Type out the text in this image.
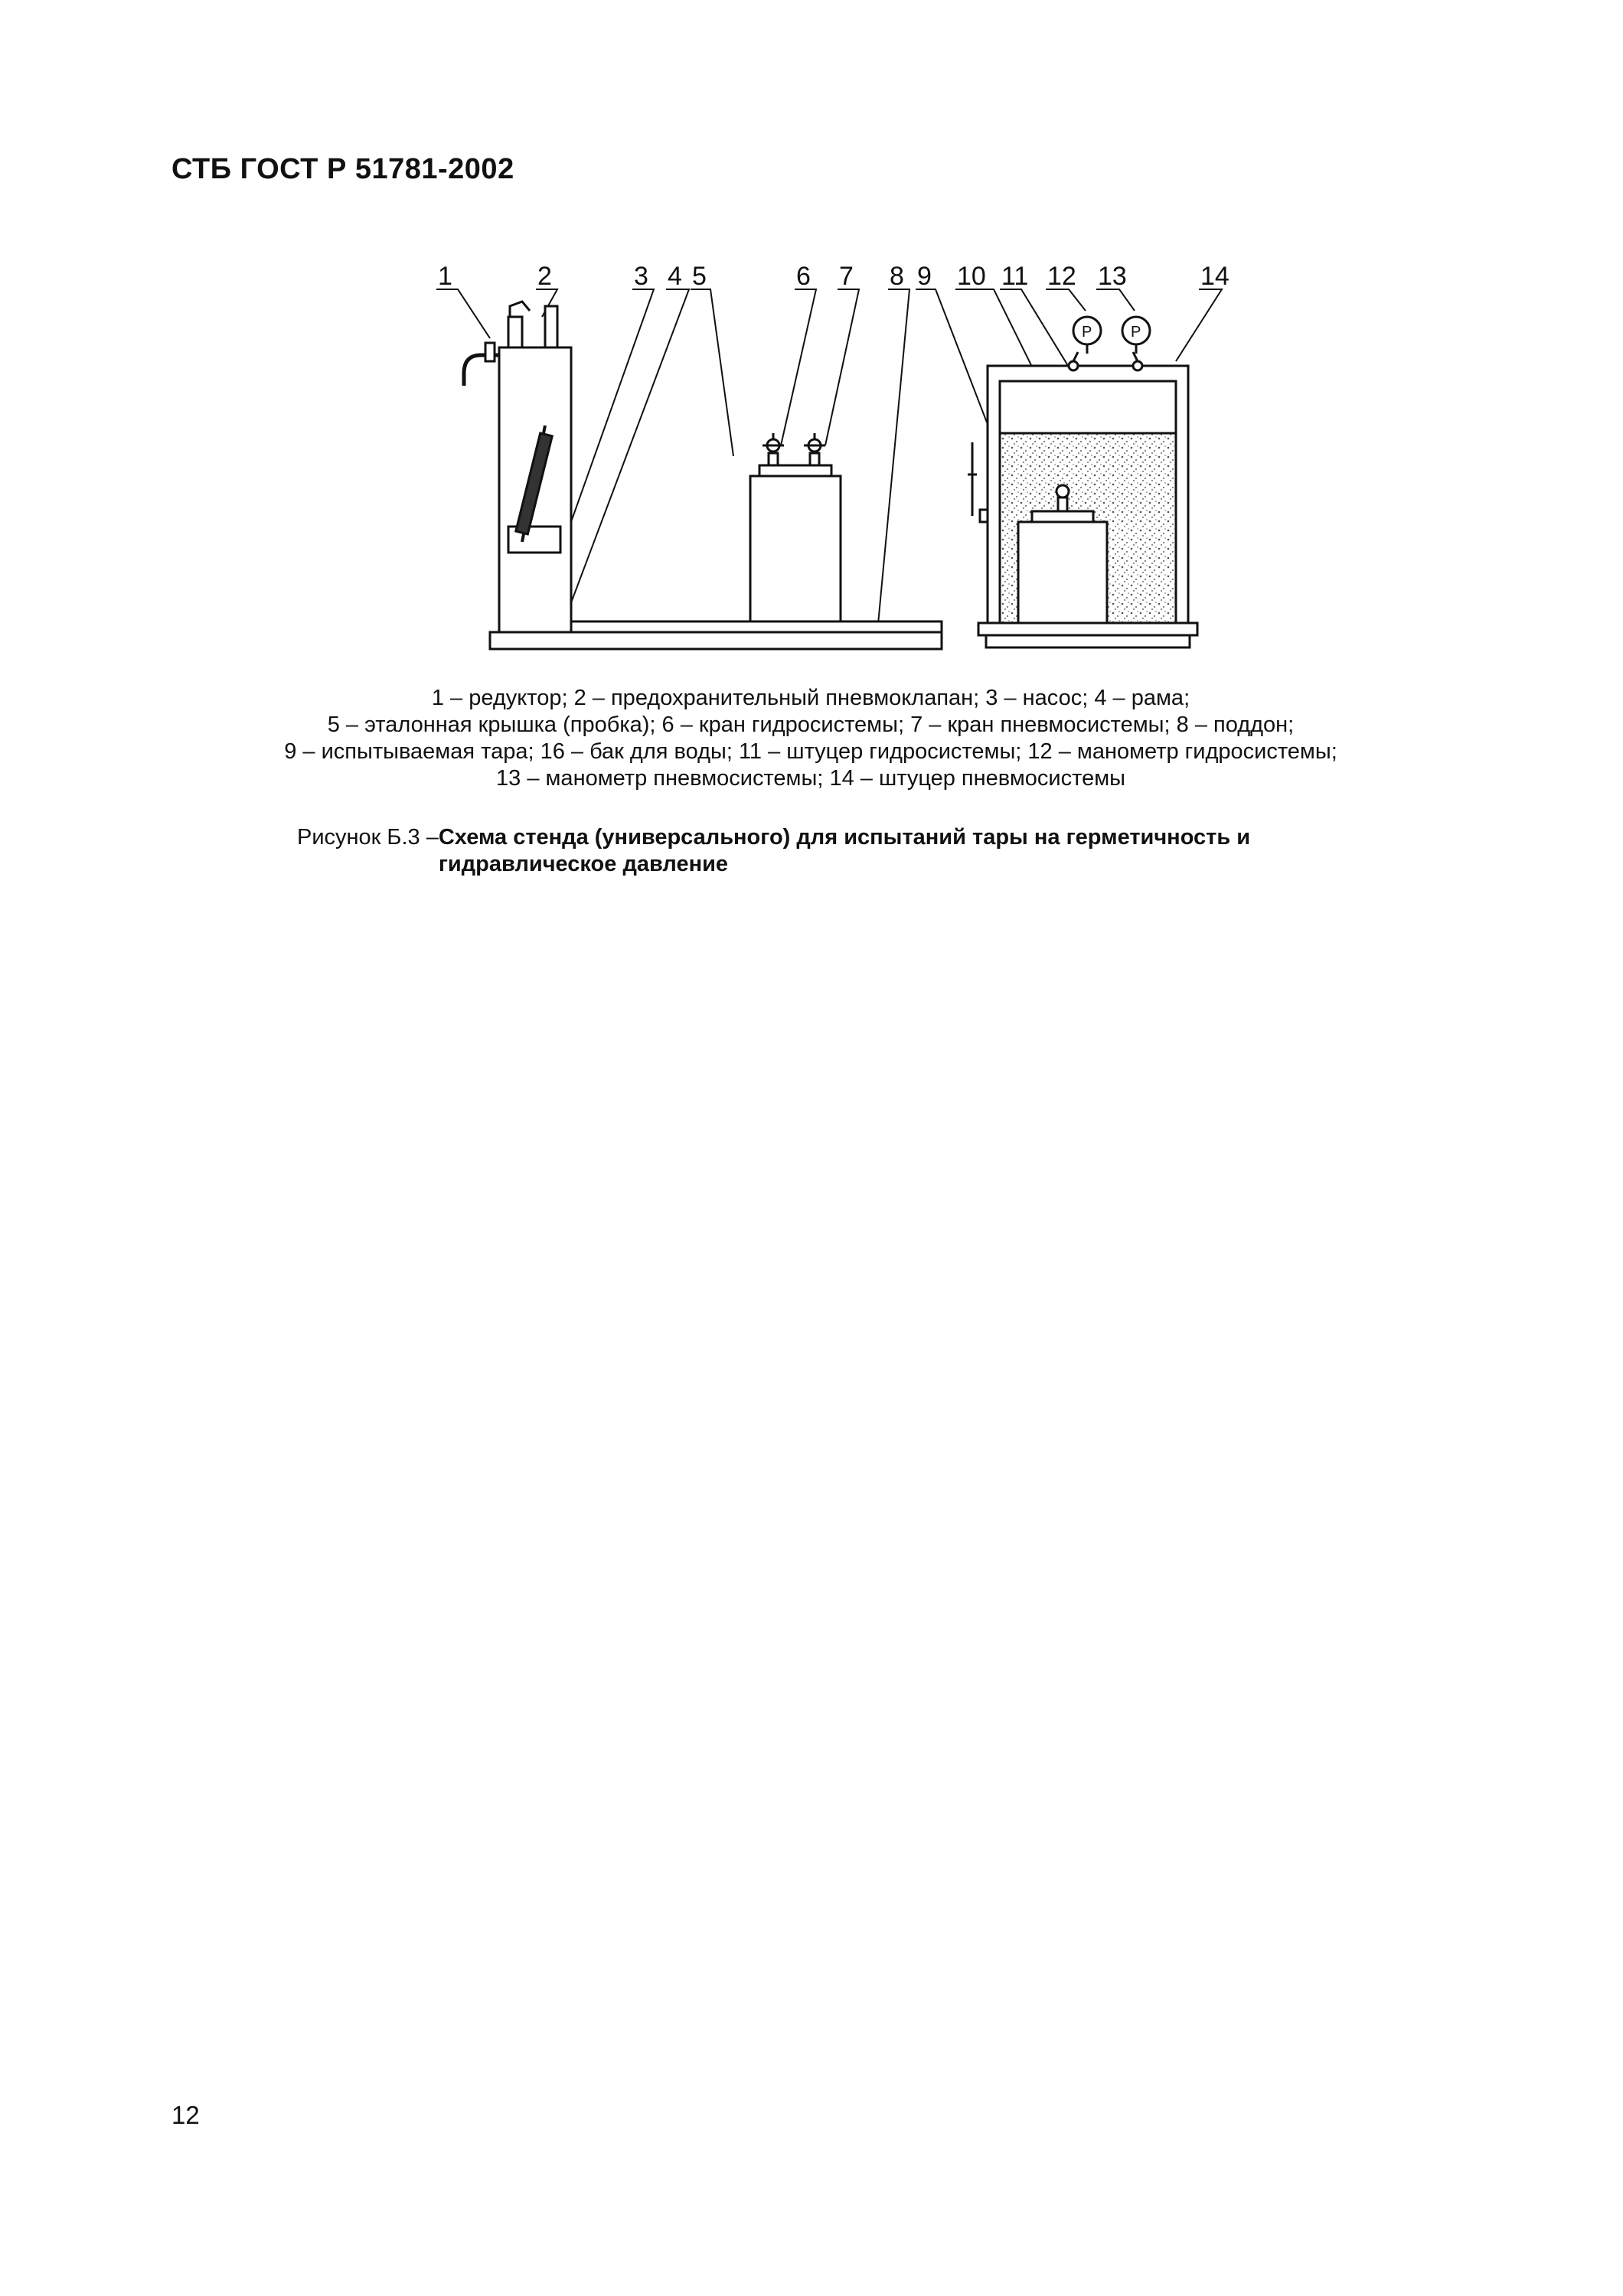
СТБ ГОСТ Р 51781-2002
1	2	3 4 5	6 7 8 9 10 11 12 13	14
P	P
1 – редуктор; 2 – предохранительный пневмоклапан; 3 – насос; 4 – рама;
5 – эталонная крышка (пробка); 6 – кран гидросистемы; 7 – кран пневмосистемы; 8 – поддон;
9 – испытываемая тара; 16 – бак для воды; 11 – штуцер гидросистемы; 12 – манометр гидросистемы;
13 – манометр пневмосистемы; 14 – штуцер пневмосистемы
Рисунок Б.3 –Схема стенда (универсального) для испытаний тары на герметичность и гидравлическое давление
12
